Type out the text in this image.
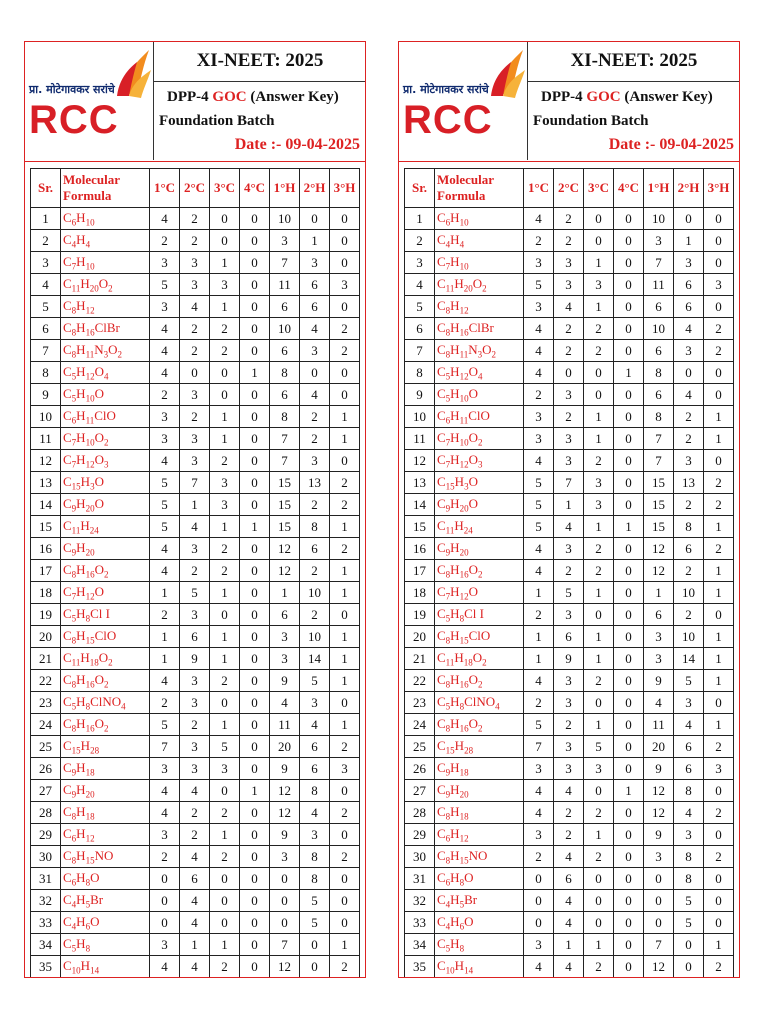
प्रा. मोटेगावकर सरांचे
RCC
XI-NEET: 2025
DPP-4 GOC (Answer Key)
Foundation Batch
Date :- 09-04-2025
Sr.	Molecular Formula	1°C	2°C	3°C	4°C	1°H	2°H	3°H
1	$C_6H_{10}$	4	2	0	0	10	0	0
2	$C_4H_4$	2	2	0	0	3	1	0
3	$C_7H_{10}$	3	3	1	0	7	3	0
4	$C_{11}H_{20}O_2$	5	3	3	0	11	6	3
5	$C_8H_{12}$	3	4	1	0	6	6	0
6	$C_8H_{16}ClBr$	4	2	2	0	10	4	2
7	$C_8H_{11}N_3O_2$	4	2	2	0	6	3	2
8	$C_5H_{12}O_4$	4	0	0	1	8	0	0
9	$C_5H_{10}O$	2	3	0	0	6	4	0
10	$C_6H_{11}ClO$	3	2	1	0	8	2	1
11	$C_7H_{10}O_2$	3	3	1	0	7	2	1
12	$C_7H_{12}O_3$	4	3	2	0	7	3	0
13	$C_{15}H_3O$	5	7	3	0	15	13	2
14	$C_9H_{20}O$	5	1	3	0	15	2	2
15	$C_{11}H_{24}$	5	4	1	1	15	8	1
16	$C_9H_{20}$	4	3	2	0	12	6	2
17	$C_8H_{16}O_2$	4	2	2	0	12	2	1
18	$C_7H_{12}O$	1	5	1	0	1	10	1
19	$C_5H_8Cl$ I	2	3	0	0	6	2	0
20	$C_8H_{15}ClO$	1	6	1	0	3	10	1
21	$C_{11}H_{18}O_2$	1	9	1	0	3	14	1
22	$C_8H_{16}O_2$	4	3	2	0	9	5	1
23	$C_5H_8ClNO_4$	2	3	0	0	4	3	0
24	$C_8H_{16}O_2$	5	2	1	0	11	4	1
25	$C_{15}H_{28}$	7	3	5	0	20	6	2
26	$C_9H_{18}$	3	3	3	0	9	6	3
27	$C_9H_{20}$	4	4	0	1	12	8	0
28	$C_8H_{18}$	4	2	2	0	12	4	2
29	$C_6H_{12}$	3	2	1	0	9	3	0
30	$C_8H_{15}NO$	2	4	2	0	3	8	2
31	$C_6H_8O$	0	6	0	0	0	8	0
32	$C_4H_5Br$	0	4	0	0	0	5	0
33	$C_4H_6O$	0	4	0	0	0	5	0
34	$C_5H_8$	3	1	1	0	7	0	1
35	$C_{10}H_{14}$	4	4	2	0	12	0	2
प्रा. मोटेगावकर सरांचे
RCC
XI-NEET: 2025
DPP-4 GOC (Answer Key)
Foundation Batch
Date :- 09-04-2025
Sr.	Molecular Formula	1°C	2°C	3°C	4°C	1°H	2°H	3°H
1	$C_6H_{10}$	4	2	0	0	10	0	0
2	$C_4H_4$	2	2	0	0	3	1	0
3	$C_7H_{10}$	3	3	1	0	7	3	0
4	$C_{11}H_{20}O_2$	5	3	3	0	11	6	3
5	$C_8H_{12}$	3	4	1	0	6	6	0
6	$C_8H_{16}ClBr$	4	2	2	0	10	4	2
7	$C_8H_{11}N_3O_2$	4	2	2	0	6	3	2
8	$C_5H_{12}O_4$	4	0	0	1	8	0	0
9	$C_5H_{10}O$	2	3	0	0	6	4	0
10	$C_6H_{11}ClO$	3	2	1	0	8	2	1
11	$C_7H_{10}O_2$	3	3	1	0	7	2	1
12	$C_7H_{12}O_3$	4	3	2	0	7	3	0
13	$C_{15}H_3O$	5	7	3	0	15	13	2
14	$C_9H_{20}O$	5	1	3	0	15	2	2
15	$C_{11}H_{24}$	5	4	1	1	15	8	1
16	$C_9H_{20}$	4	3	2	0	12	6	2
17	$C_8H_{16}O_2$	4	2	2	0	12	2	1
18	$C_7H_{12}O$	1	5	1	0	1	10	1
19	$C_5H_8Cl$ I	2	3	0	0	6	2	0
20	$C_8H_{15}ClO$	1	6	1	0	3	10	1
21	$C_{11}H_{18}O_2$	1	9	1	0	3	14	1
22	$C_8H_{16}O_2$	4	3	2	0	9	5	1
23	$C_5H_8ClNO_4$	2	3	0	0	4	3	0
24	$C_8H_{16}O_2$	5	2	1	0	11	4	1
25	$C_{15}H_{28}$	7	3	5	0	20	6	2
26	$C_9H_{18}$	3	3	3	0	9	6	3
27	$C_9H_{20}$	4	4	0	1	12	8	0
28	$C_8H_{18}$	4	2	2	0	12	4	2
29	$C_6H_{12}$	3	2	1	0	9	3	0
30	$C_8H_{15}NO$	2	4	2	0	3	8	2
31	$C_6H_8O$	0	6	0	0	0	8	0
32	$C_4H_5Br$	0	4	0	0	0	5	0
33	$C_4H_6O$	0	4	0	0	0	5	0
34	$C_5H_8$	3	1	1	0	7	0	1
35	$C_{10}H_{14}$	4	4	2	0	12	0	2
